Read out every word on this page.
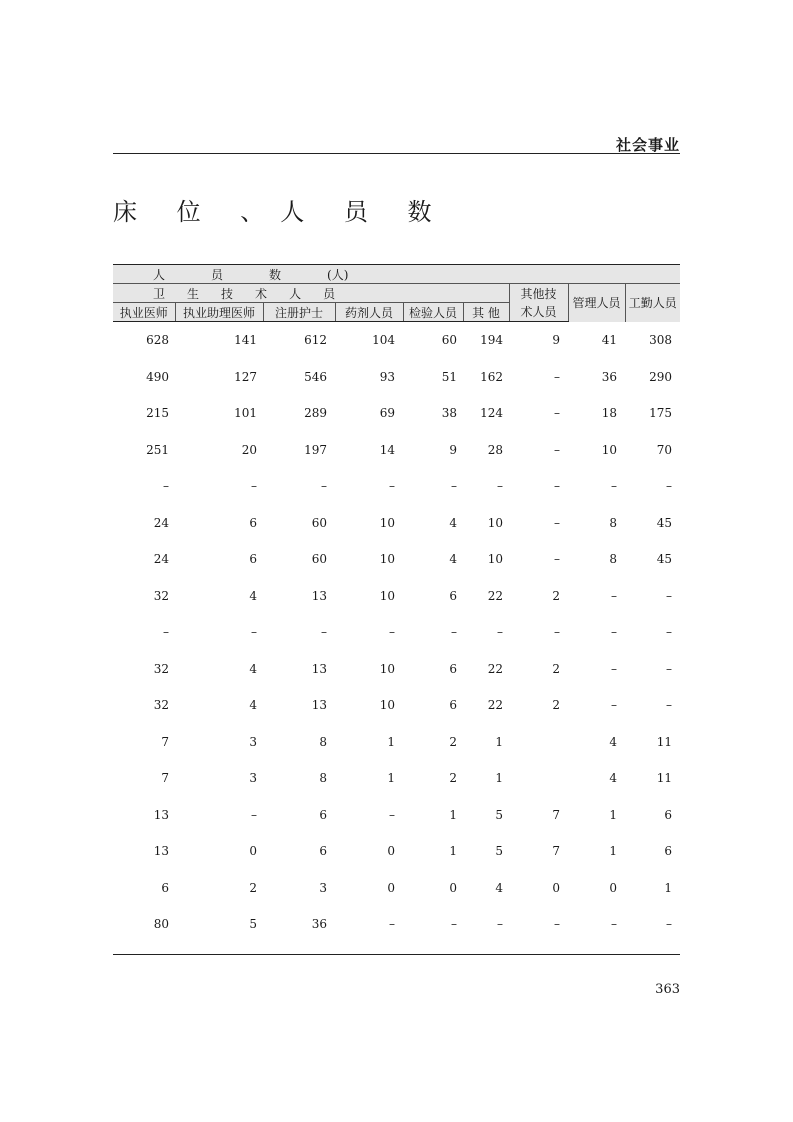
社会事业
床 位 、人 员 数
人 员 数 (人)								
卫 生 技 术 人 员						其他技	管理人员	工勤人员
执业医师	执业助理医师	注册护士	药剂人员	检验人员	其 他	术人员		
628	141	612	104	60	194	9	41	308
490	127	546	93	51	162	–	36	290
215	101	289	69	38	124	–	18	175
251	20	197	14	9	28	–	10	70
–	–	–	–	–	–	–	–	–
24	6	60	10	4	10	–	8	45
24	6	60	10	4	10	–	8	45
32	4	13	10	6	22	2	–	–
–	–	–	–	–	–	–	–	–
32	4	13	10	6	22	2	–	–
32	4	13	10	6	22	2	–	–
7	3	8	1	2	1		4	11
7	3	8	1	2	1		4	11
13	–	6	–	1	5	7	1	6
13	0	6	0	1	5	7	1	6
6	2	3	0	0	4	0	0	1
80	5	36	–	–	–	–	–	–
363
